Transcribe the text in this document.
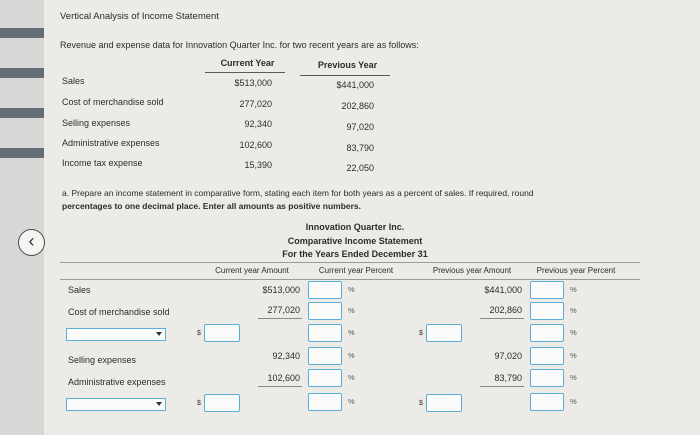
‹
Vertical Analysis of Income Statement
Revenue and expense data for Innovation Quarter Inc. for two recent years are as follows:
Current Year	Previous Year
Sales	$513,000	$441,000
Cost of merchandise sold	277,020	202,860
Selling expenses	92,340	97,020
Administrative expenses	102,600	83,790
Income tax expense	15,390	22,050
a. Prepare an income statement in comparative form, stating each item for both years as a percent of sales. If required, round
percentages to one decimal place. Enter all amounts as positive numbers.
Innovation Quarter Inc.
Comparative Income Statement
For the Years Ended December 31
Current year Amount	Current year Percent	Previous year Amount	Previous year Percent
Sales	$513,000	%	$441,000	%
Cost of merchandise sold	277,020	%	202,860	%
$	%	$	%
Selling expenses	92,340	%	97,020	%
Administrative expenses	102,600	%	83,790	%
$	%	$	%
